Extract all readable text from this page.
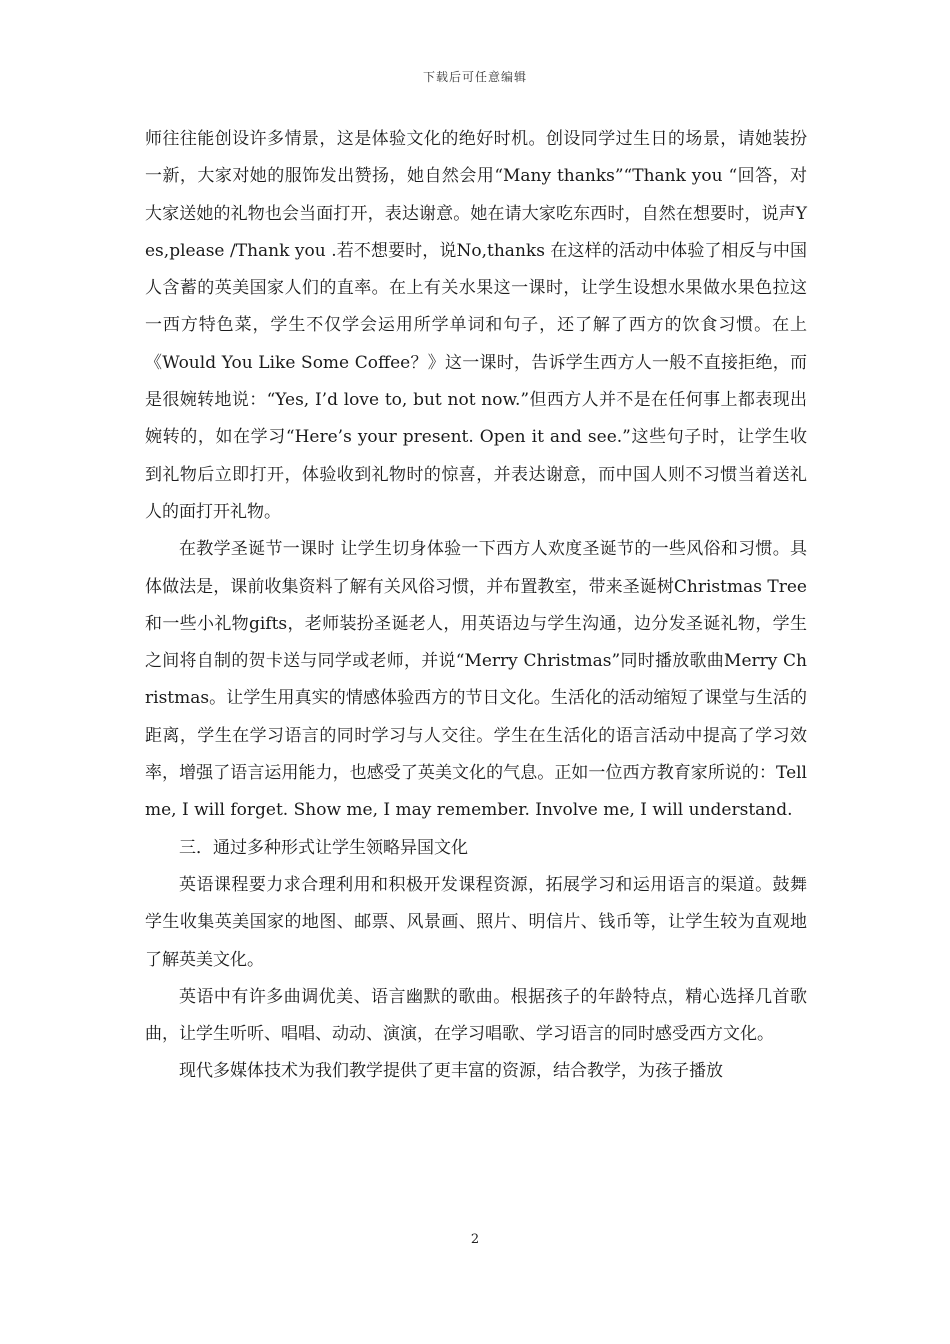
下载后可任意编辑

师往往能创设许多情景，这是体验文化的绝好时机。创设同学过生日的场景，请她装扮一新，大家对她的服饰发出赞扬，她自然会用“Many thanks”“Thank you “回答，对大家送她的礼物也会当面打开，表达谢意。她在请大家吃东西时，自然在想要时，说声Yes,please /Thank you .若不想要时，说No,thanks 在这样的活动中体验了相反与中国人含蓄的英美国家人们的直率。在上有关水果这一课时，让学生设想水果做水果色拉这一西方特色菜，学生不仅学会运用所学单词和句子，还了解了西方的饮食习惯。在上《Would You Like Some Coffee？》这一课时，告诉学生西方人一般不直接拒绝，而是很婉转地说：“Yes, I’d love to, but not now.”但西方人并不是在任何事上都表现出婉转的，如在学习“Here’s your present. Open it and see.”这些句子时，让学生收到礼物后立即打开，体验收到礼物时的惊喜，并表达谢意，而中国人则不习惯当着送礼人的面打开礼物。

在教学圣诞节一课时 让学生切身体验一下西方人欢度圣诞节的一些风俗和习惯。具体做法是，课前收集资料了解有关风俗习惯，并布置教室，带来圣诞树Christmas Tree和一些小礼物gifts，老师装扮圣诞老人，用英语边与学生沟通，边分发圣诞礼物，学生之间将自制的贺卡送与同学或老师，并说“Merry Christmas”同时播放歌曲Merry Christmas。让学生用真实的情感体验西方的节日文化。生活化的活动缩短了课堂与生活的距离，学生在学习语言的同时学习与人交往。学生在生活化的语言活动中提高了学习效率，增强了语言运用能力，也感受了英美文化的气息。正如一位西方教育家所说的：Tell me, I will forget. Show me, I may remember. Involve me, I will understand.

三．通过多种形式让学生领略异国文化

英语课程要力求合理利用和积极开发课程资源，拓展学习和运用语言的渠道。鼓舞学生收集英美国家的地图、邮票、风景画、照片、明信片、钱币等，让学生较为直观地了解英美文化。

英语中有许多曲调优美、语言幽默的歌曲。根据孩子的年龄特点，精心选择几首歌曲，让学生听听、唱唱、动动、演演，在学习唱歌、学习语言的同时感受西方文化。

现代多媒体技术为我们教学提供了更丰富的资源，结合教学，为孩子播放

2
